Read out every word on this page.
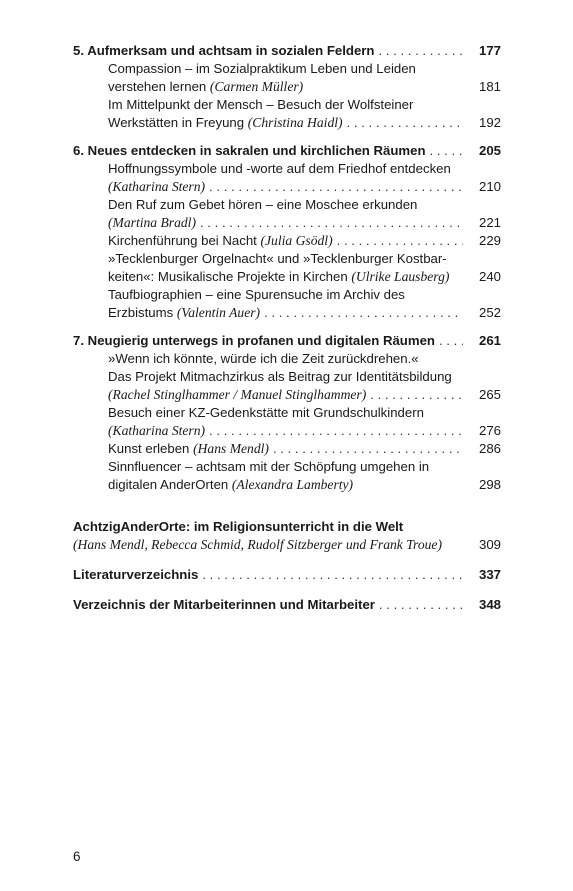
5. Aufmerksam und achtsam in sozialen Feldern . . .	177
Compassion – im Sozialpraktikum Leben und Leiden
verstehen lernen (Carmen Müller)	181
Im Mittelpunkt der Mensch – Besuch der Wolfsteiner
Werkstätten in Freyung (Christina Haidl) . . .	192
6. Neues entdecken in sakralen und kirchlichen Räumen . . .	205
Hoffnungssymbole und -worte auf dem Friedhof entdecken
(Katharina Stern) . . .	210
Den Ruf zum Gebet hören – eine Moschee erkunden
(Martina Bradl) . . .	221
Kirchenführung bei Nacht (Julia Gsödl) . . .	229
»Tecklenburger Orgelnacht« und »Tecklenburger Kostbar-
keiten«: Musikalische Projekte in Kirchen (Ulrike Lausberg)	240
Taufbiographien – eine Spurensuche im Archiv des
Erzbistums (Valentin Auer) . . .	252
7. Neugierig unterwegs in profanen und digitalen Räumen . . .	261
»Wenn ich könnte, würde ich die Zeit zurückdrehen.«
Das Projekt Mitmachzirkus als Beitrag zur Identitätsbildung
(Rachel Stinglhammer / Manuel Stinglhammer) . . .	265
Besuch einer KZ-Gedenkstätte mit Grundschulkindern
(Katharina Stern) . . .	276
Kunst erleben (Hans Mendl) . . .	286
Sinnfluencer – achtsam mit der Schöpfung umgehen in
digitalen AnderOrten (Alexandra Lamberty)	298
AchtzigAnderOrte: im Religionsunterricht in die Welt
(Hans Mendl, Rebecca Schmid, Rudolf Sitzberger und Frank Troue)	309
Literaturverzeichnis . . .	337
Verzeichnis der Mitarbeiterinnen und Mitarbeiter . . .	348
6
